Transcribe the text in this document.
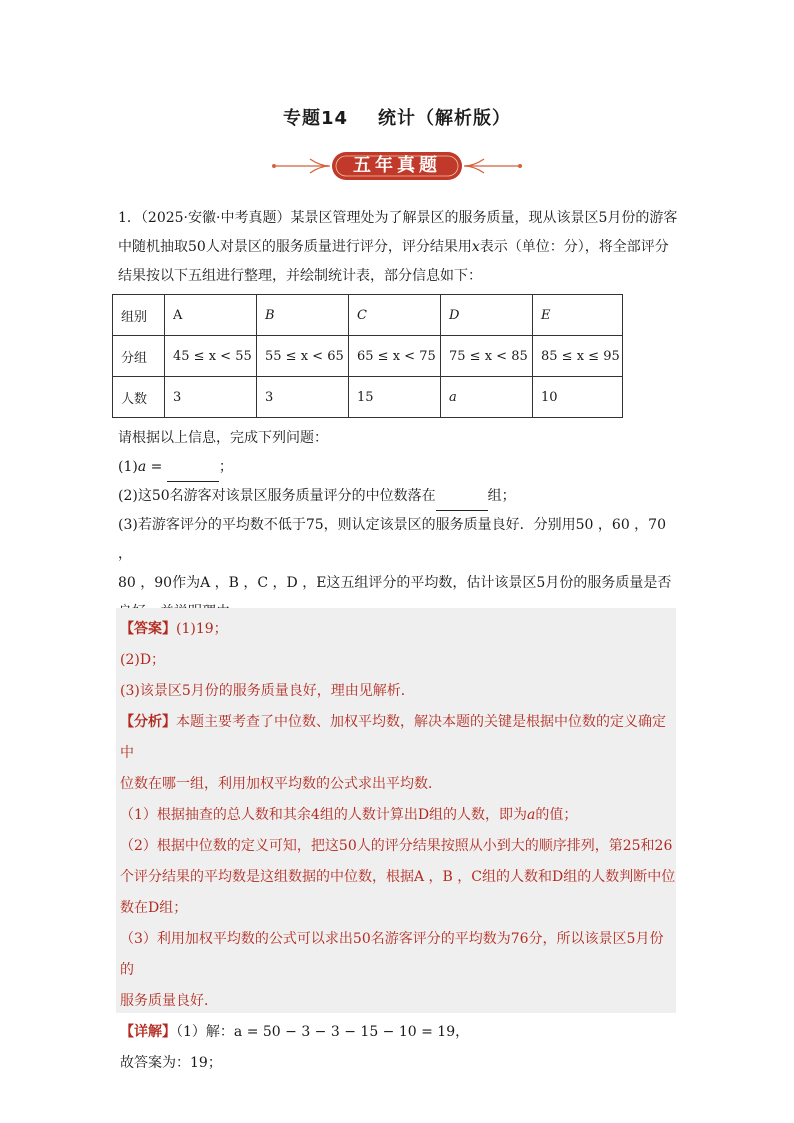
专题14 统计（解析版）
五年真题
1．（2025·安徽·中考真题）某景区管理处为了解景区的服务质量，现从该景区5月份的游客
中随机抽取50人对景区的服务质量进行评分，评分结果用x表示（单位：分），将全部评分
结果按以下五组进行整理，并绘制统计表，部分信息如下：
组别	A	B	C	D	E
分组	45 ≤ x < 55	55 ≤ x < 65	65 ≤ x < 75	75 ≤ x < 85	85 ≤ x ≤ 95
人数	3	3	15	a	10
请根据以上信息，完成下列问题：
(1)a =	；
(2)这50名游客对该景区服务质量评分的中位数落在	组；
(3)若游客评分的平均数不低于75，则认定该景区的服务质量良好．分别用50 ，60 ，70 ，
80 ，90作为A ，B ，C ，D ，E这五组评分的平均数，估计该景区5月份的服务质量是否
【答案】(1)19；
(2)D；
(3)该景区5月份的服务质量良好，理由见解析．
【分析】本题主要考查了中位数、加权平均数，解决本题的关键是根据中位数的定义确定中
位数在哪一组，利用加权平均数的公式求出平均数．
（1）根据抽查的总人数和其余4组的人数计算出D组的人数，即为a的值；
（2）根据中位数的定义可知，把这50人的评分结果按照从小到大的顺序排列，第25和26
个评分结果的平均数是这组数据的中位数，根据A ，B ，C组的人数和D组的人数判断中位
数在D组；
（3）利用加权平均数的公式可以求出50名游客评分的平均数为76分，所以该景区5月份的
服务质量良好．
【详解】（1）解：a = 50 − 3 − 3 − 15 − 10 = 19，
故答案为：19；
